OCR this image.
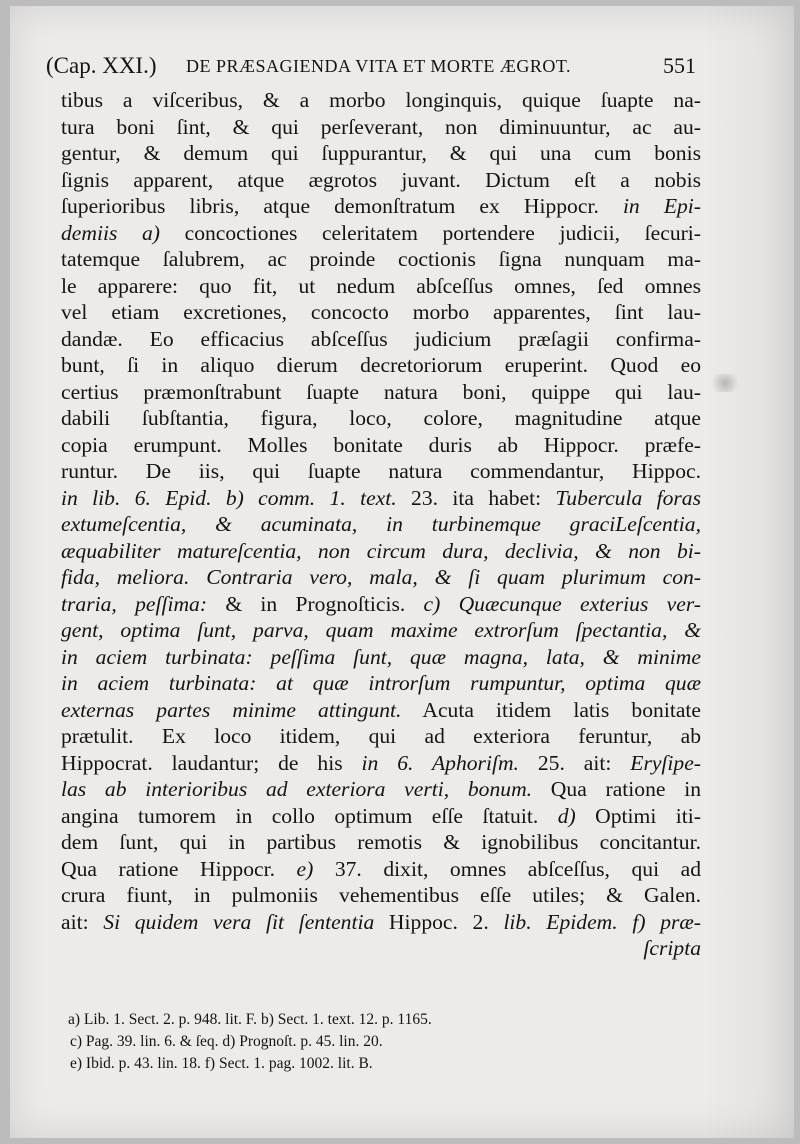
(Cap. XXI.) DE PRÆSAGIENDA VITA ET MORTE ÆGROT.	551
tibus a viſceribus, & a morbo longinquis, quique ſuapte na-
tura boni ſint, & qui perſeverant, non diminuuntur, ac au-
gentur, & demum qui ſuppurantur, & qui una cum bonis
ſignis apparent, atque ægrotos juvant. Dictum eſt a nobis
ſuperioribus libris, atque demonſtratum ex Hippocr. in Epi-
demiis a) concoctiones celeritatem portendere judicii, ſecuri-
tatemque ſalubrem, ac proinde coctionis ſigna nunquam ma-
le apparere: quo fit, ut nedum abſceſſus omnes, ſed omnes
vel etiam excretiones, concocto morbo apparentes, ſint lau-
dandæ. Eo efficacius abſceſſus judicium præſagii confirma-
bunt, ſi in aliquo dierum decretoriorum eruperint. Quod eo
certius præmonſtrabunt ſuapte natura boni, quippe qui lau-
dabili ſubſtantia, figura, loco, colore, magnitudine atque
copia erumpunt. Molles bonitate duris ab Hippocr. præfe-
runtur. De iis, qui ſuapte natura commendantur, Hippoc.
in lib. 6. Epid. b) comm. 1. text. 23. ita habet: Tubercula foras
extumeſcentia, & acuminata, in turbinemque graciLeſcentia,
æquabiliter matureſcentia, non circum dura, declivia, & non bi-
fida, meliora. Contraria vero, mala, & ſi quam plurimum con-
traria, peſſima: & in Prognoſticis. c) Quæcunque exterius ver-
gent, optima ſunt, parva, quam maxime extrorſum ſpectantia, &
in aciem turbinata: peſſima ſunt, quæ magna, lata, & minime
in aciem turbinata: at quæ introrſum rumpuntur, optima quæ
externas partes minime attingunt. Acuta itidem latis bonitate
prætulit. Ex loco itidem, qui ad exteriora feruntur, ab
Hippocrat. laudantur; de his in 6. Aphoriſm. 25. ait: Eryſipe-
las ab interioribus ad exteriora verti, bonum. Qua ratione in
angina tumorem in collo optimum eſſe ſtatuit. d) Optimi iti-
dem ſunt, qui in partibus remotis & ignobilibus concitantur.
Qua ratione Hippocr. e) 37. dixit, omnes abſceſſus, qui ad
crura fiunt, in pulmoniis vehementibus eſſe utiles; & Galen.
ait: Si quidem vera ſit ſententia Hippoc. 2. lib. Epidem. f) præ-
ſcripta
a) Lib. 1. Sect. 2. p. 948. lit. F. b) Sect. 1. text. 12. p. 1165.
c) Pag. 39. lin. 6. & ſeq. d) Prognoſt. p. 45. lin. 20.
e) Ibid. p. 43. lin. 18. f) Sect. 1. pag. 1002. lit. B.
